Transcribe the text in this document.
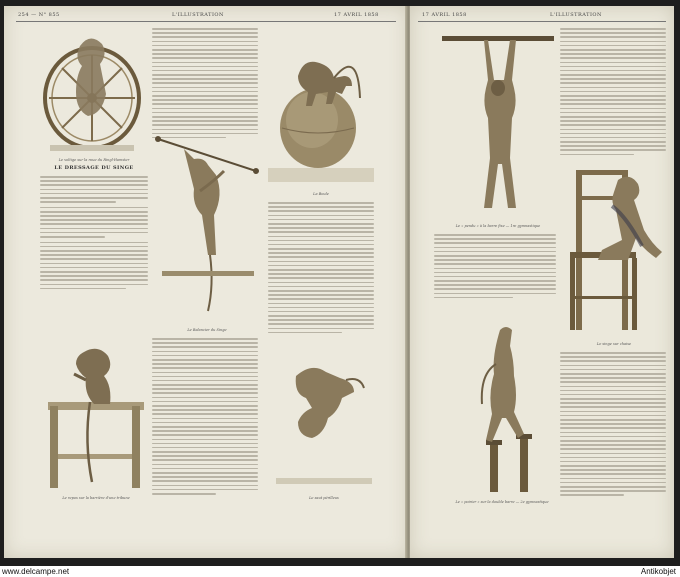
254 — N° 855	L'ILLUSTRATION	17 AVRIL 1858
Le voltige sur la roue du Ringl-Hamster
LE DRESSAGE DU SINGE
Le repos sur la barrière d'une tribune
Le Balancier du Singe
La Boule
Le saut périlleux
17 AVRIL 1858	L'ILLUSTRATION
Le « pendu » à la barre fixe — 1re gymnastique
Le singe sur chaise
Le « poirier » sur la double barre — 2e gymnastique
www.delcampe.net	Antikobjet
